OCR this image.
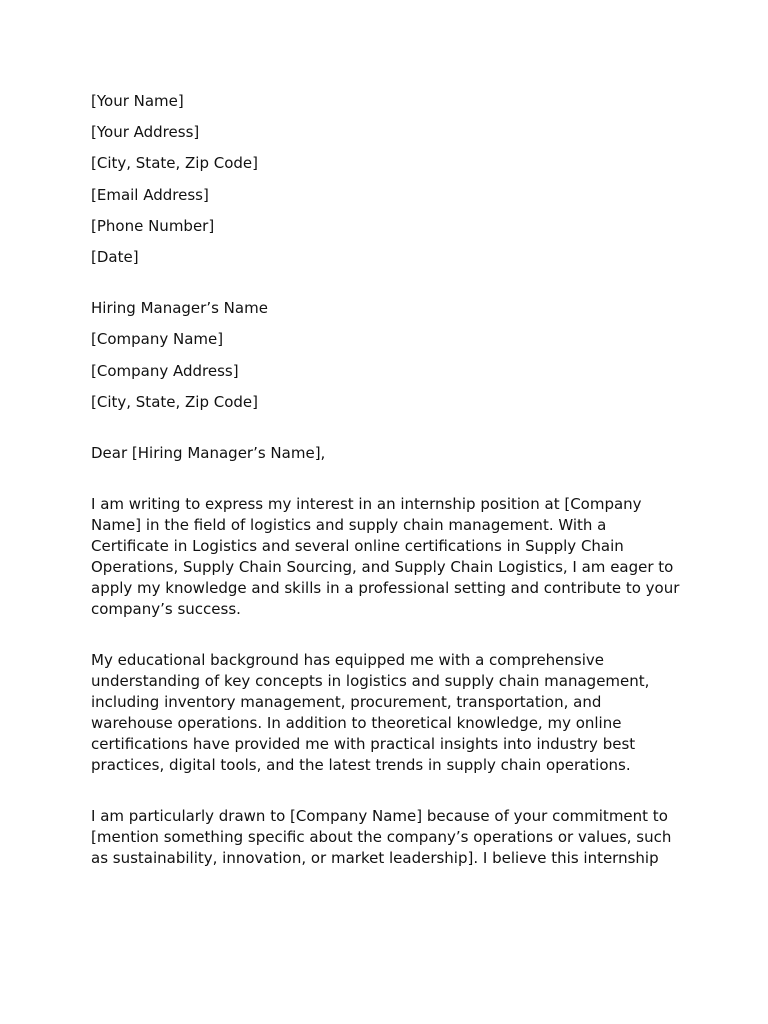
[Your Name]
[Your Address]
[City, State, Zip Code]
[Email Address]
[Phone Number]
[Date]
Hiring Manager’s Name
[Company Name]
[Company Address]
[City, State, Zip Code]
Dear [Hiring Manager’s Name],

I am writing to express my interest in an internship position at [Company Name] in the field of logistics and supply chain management. With a Certificate in Logistics and several online certifications in Supply Chain Operations, Supply Chain Sourcing, and Supply Chain Logistics, I am eager to apply my knowledge and skills in a professional setting and contribute to your company’s success.

My educational background has equipped me with a comprehensive understanding of key concepts in logistics and supply chain management, including inventory management, procurement, transportation, and warehouse operations. In addition to theoretical knowledge, my online certifications have provided me with practical insights into industry best practices, digital tools, and the latest trends in supply chain operations.

I am particularly drawn to [Company Name] because of your commitment to [mention something specific about the company’s operations or values, such as sustainability, innovation, or market leadership]. I believe this internship
